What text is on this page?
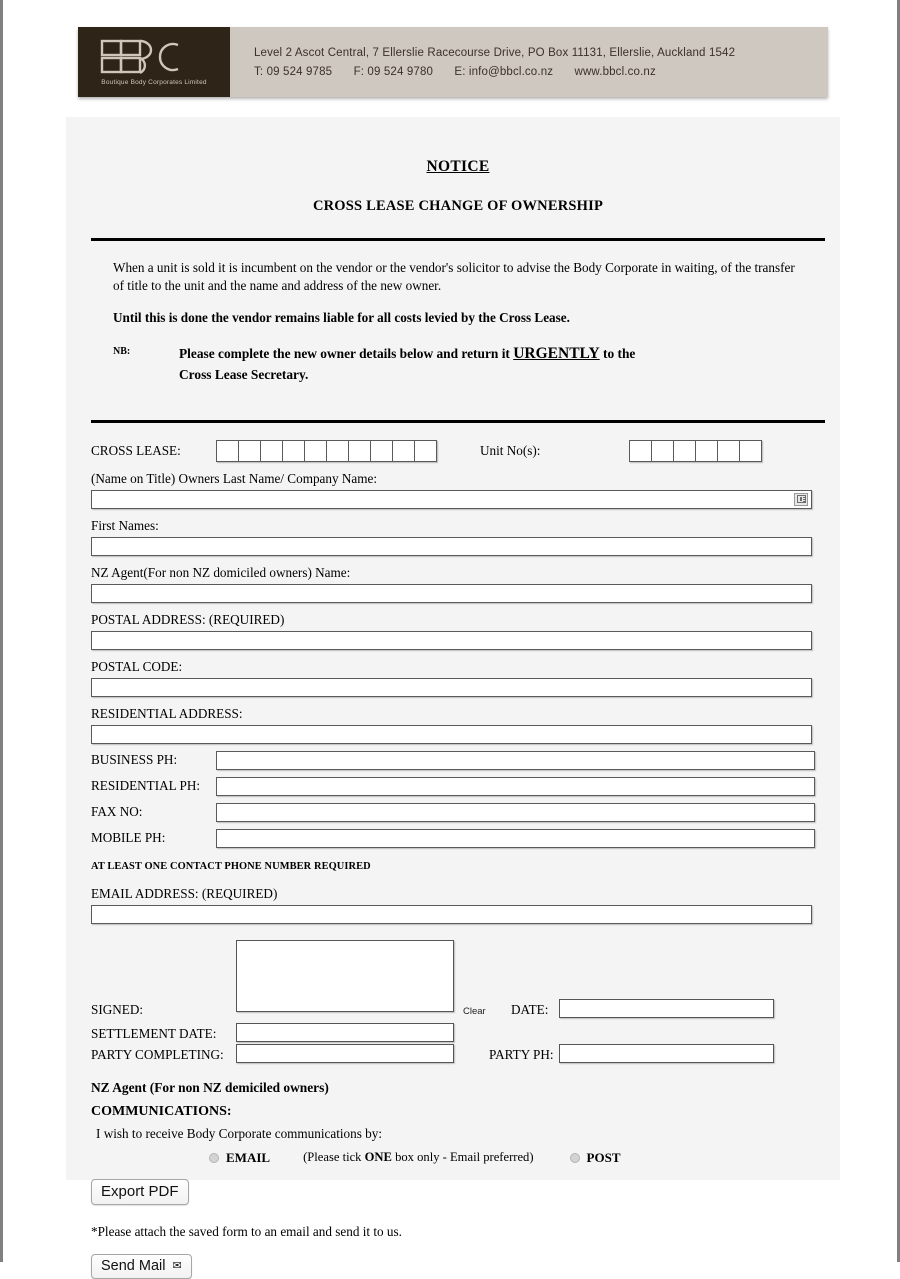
Boutique Body Corporates Limited
Level 2 Ascot Central, 7 Ellerslie Racecourse Drive, PO Box 11131, Ellerslie, Auckland 1542
T: 09 524 9785 F: 09 524 9780 E: info@bbcl.co.nz www.bbcl.co.nz
NOTICE
CROSS LEASE CHANGE OF OWNERSHIP
When a unit is sold it is incumbent on the vendor or the vendor's solicitor to advise the Body Corporate in waiting, of the transfer of title to the unit and the name and address of the new owner.
Until this is done the vendor remains liable for all costs levied by the Cross Lease.
NB:	Please complete the new owner details below and return it URGENTLY to the
Cross Lease Secretary.
CROSS LEASE:	Unit No(s):
(Name on Title) Owners Last Name/ Company Name:
First Names:
NZ Agent(For non NZ domiciled owners) Name:
POSTAL ADDRESS: (REQUIRED)
POSTAL CODE:
RESIDENTIAL ADDRESS:
BUSINESS PH:
RESIDENTIAL PH:
FAX NO:
MOBILE PH:
AT LEAST ONE CONTACT PHONE NUMBER REQUIRED
EMAIL ADDRESS: (REQUIRED)
SIGNED:	Clear DATE:
SETTLEMENT DATE:
PARTY COMPLETING:	PARTY PH:
NZ Agent (For non NZ demiciled owners)
COMMUNICATIONS:
I wish to receive Body Corporate communications by:
EMAIL	(Please tick ONE box only - Email preferred)	POST
Export PDF
*Please attach the saved form to an email and send it to us.
Send Mail ✉
